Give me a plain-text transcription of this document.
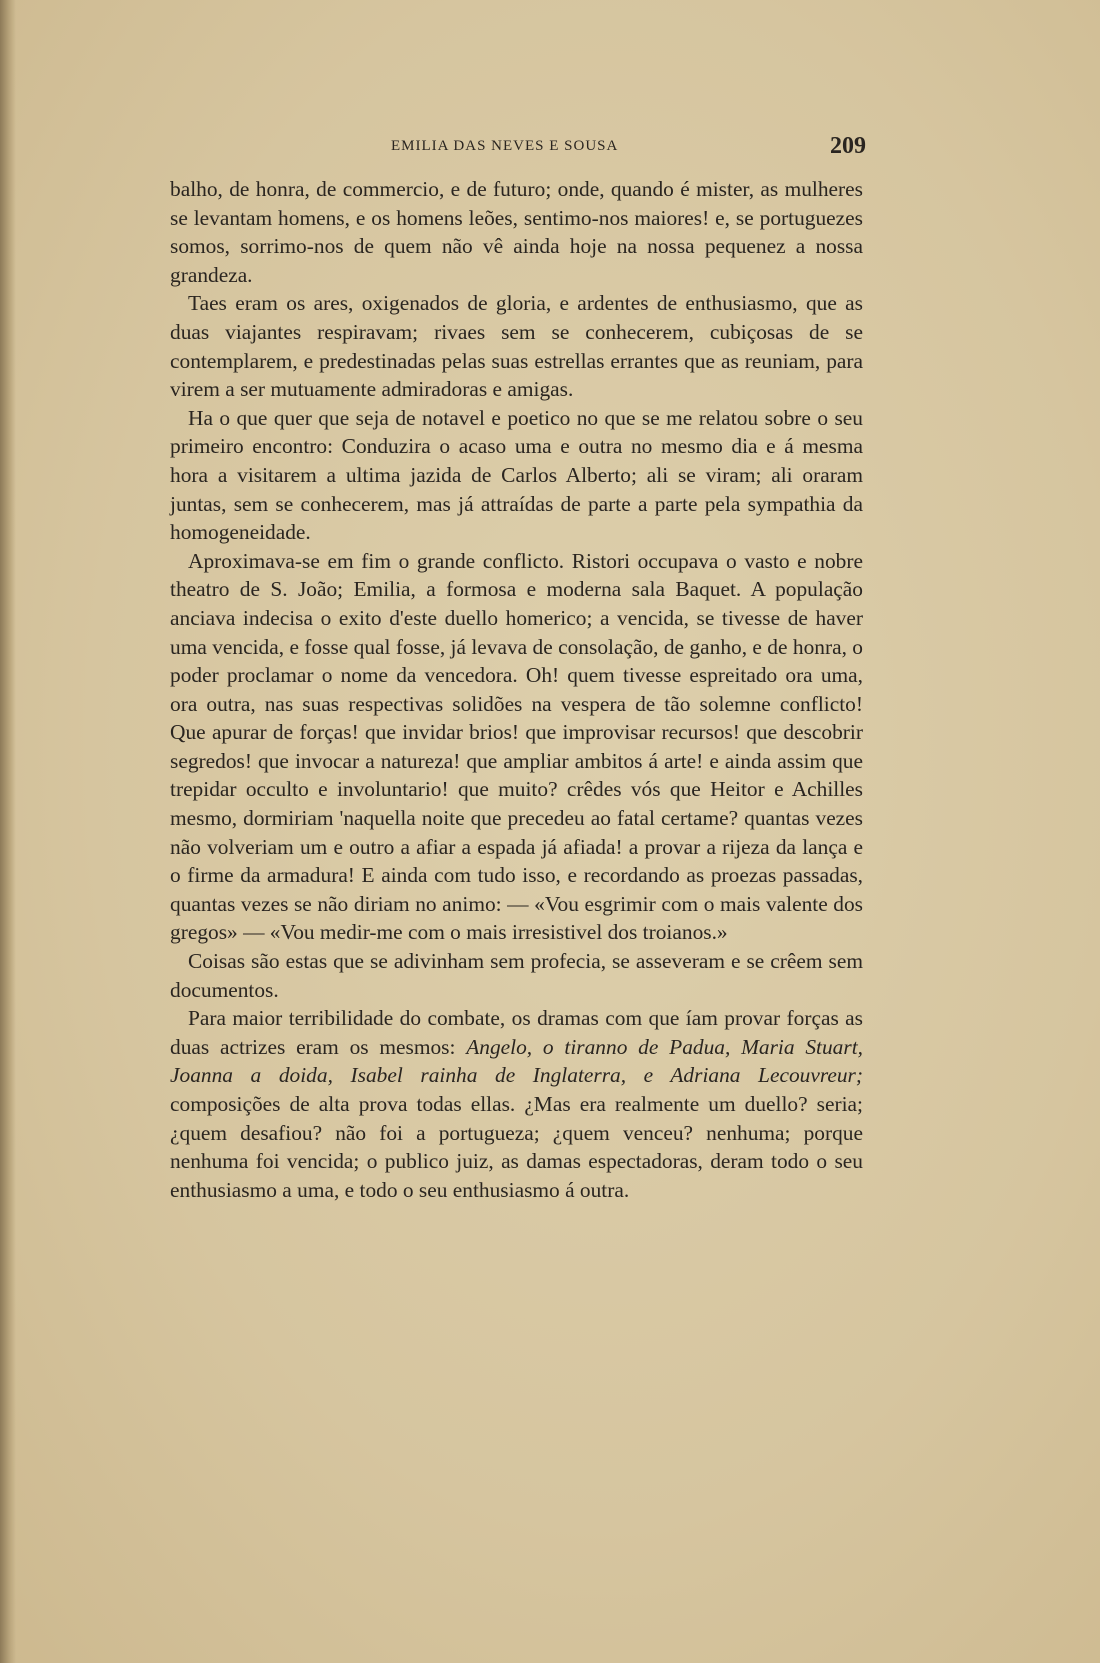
EMILIA DAS NEVES E SOUSA	209

balho, de honra, de commercio, e de futuro; onde, quando é mister, as mulheres se levantam homens, e os homens leões, sentimo-nos maiores! e, se portuguezes somos, sorrimo-nos de quem não vê ainda hoje na nossa pequenez a nossa grandeza.

Taes eram os ares, oxigenados de gloria, e ardentes de enthusiasmo, que as duas viajantes respiravam; rivaes sem se conhecerem, cubiçosas de se contemplarem, e predestinadas pelas suas estrellas errantes que as reuniam, para virem a ser mutuamente admiradoras e amigas.

Ha o que quer que seja de notavel e poetico no que se me relatou sobre o seu primeiro encontro: Conduzira o acaso uma e outra no mesmo dia e á mesma hora a visitarem a ultima jazida de Carlos Alberto; ali se viram; ali oraram juntas, sem se conhecerem, mas já attraídas de parte a parte pela sympathia da homogeneidade.

Aproximava-se em fim o grande conflicto. Ristori occupava o vasto e nobre theatro de S. João; Emilia, a formosa e moderna sala Baquet. A população anciava indecisa o exito d'este duello homerico; a vencida, se tivesse de haver uma vencida, e fosse qual fosse, já levava de consolação, de ganho, e de honra, o poder proclamar o nome da vencedora. Oh! quem tivesse espreitado ora uma, ora outra, nas suas respectivas solidões na vespera de tão solemne conflicto! Que apurar de forças! que invidar brios! que improvisar recursos! que descobrir segredos! que invocar a natureza! que ampliar ambitos á arte! e ainda assim que trepidar occulto e involuntario! que muito? crêdes vós que Heitor e Achilles mesmo, dormiriam 'naquella noite que precedeu ao fatal certame? quantas vezes não volveriam um e outro a afiar a espada já afiada! a provar a rijeza da lança e o firme da armadura! E ainda com tudo isso, e recordando as proezas passadas, quantas vezes se não diriam no animo: — «Vou esgrimir com o mais valente dos gregos» — «Vou medir-me com o mais irresistivel dos troianos.»

Coisas são estas que se adivinham sem profecia, se asseveram e se crêem sem documentos.

Para maior terribilidade do combate, os dramas com que íam provar forças as duas actrizes eram os mesmos: Angelo, o tiranno de Padua, Maria Stuart, Joanna a doida, Isabel rainha de Inglaterra, e Adriana Lecouvreur; composições de alta prova todas ellas. ¿Mas era realmente um duello? seria; ¿quem desafiou? não foi a portugueza; ¿quem venceu? nenhuma; porque nenhuma foi vencida; o publico juiz, as damas espectadoras, deram todo o seu enthusiasmo a uma, e todo o seu enthusiasmo á outra.
